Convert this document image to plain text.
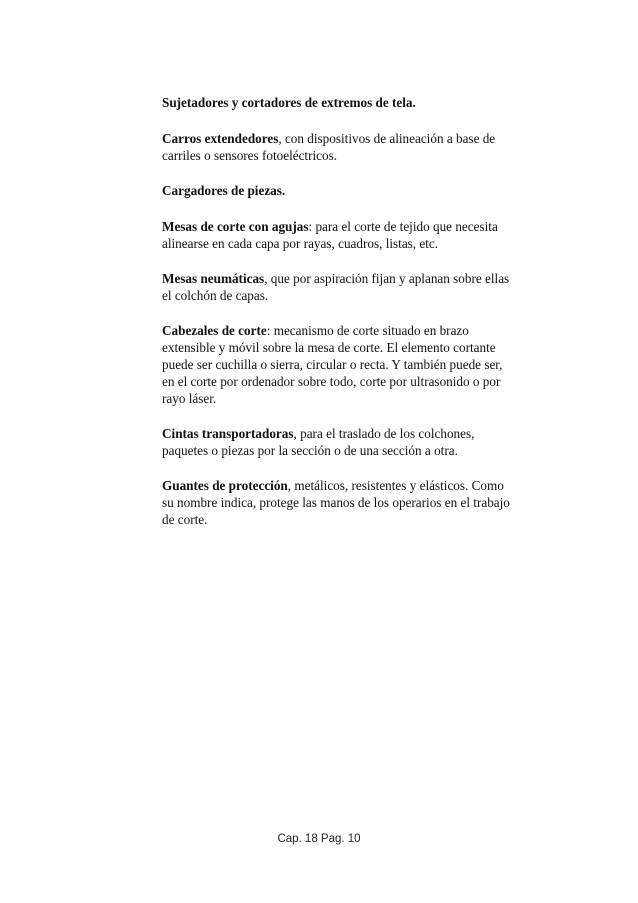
Sujetadores y cortadores de extremos de tela.

Carros extendedores, con dispositivos de alineación a base de carriles o sensores fotoeléctricos.

Cargadores de piezas.

Mesas de corte con agujas: para el corte de tejido que necesita alinearse en cada capa por rayas, cuadros, listas, etc.

Mesas neumáticas, que por aspiración fijan y aplanan sobre ellas el colchón de capas.

Cabezales de corte: mecanismo de corte situado en brazo extensible y móvil sobre la mesa de corte. El elemento cortante puede ser cuchilla o sierra, circular o recta. Y también puede ser, en el corte por ordenador sobre todo, corte por ultrasonido o por rayo láser.

Cintas transportadoras, para el traslado de los colchones, paquetes o piezas por la sección o de una sección a otra.

Guantes de protección, metálicos, resistentes y elásticos. Como su nombre indica, protege las manos de los operarios en el trabajo de corte.

Cap. 18 Pag. 10
